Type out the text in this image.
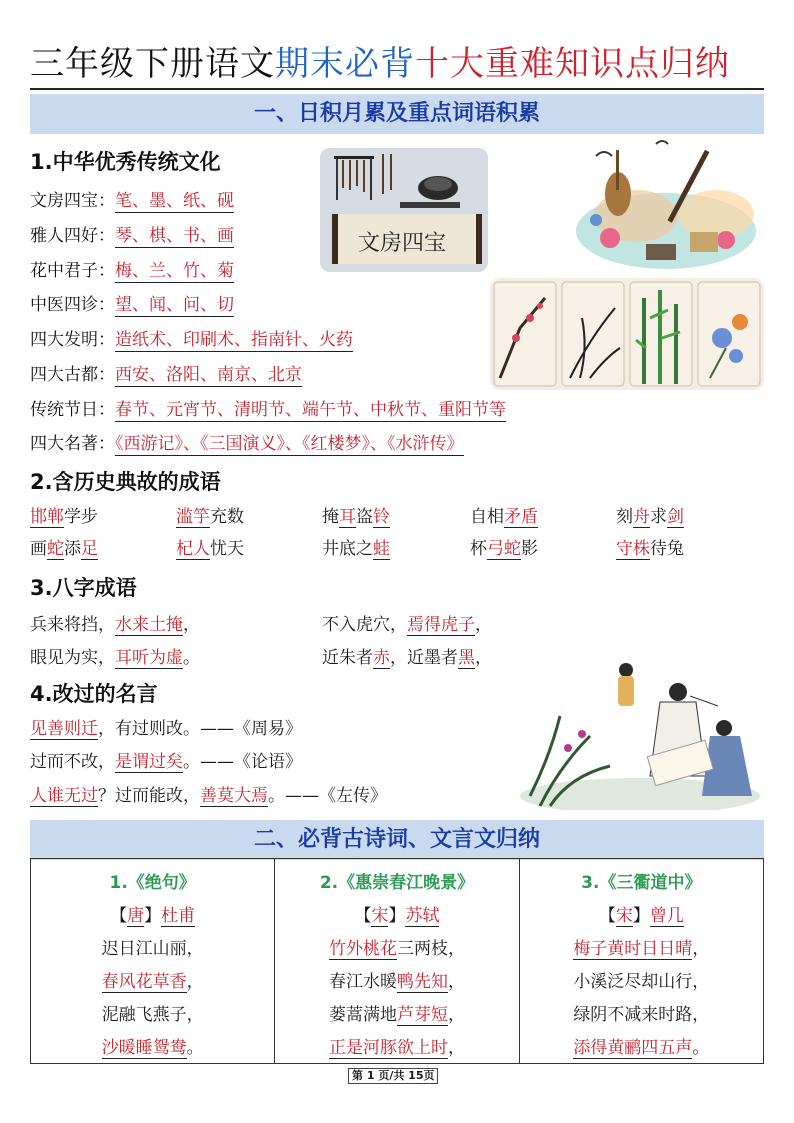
三年级下册语文期末必背十大重难知识点归纳
一、日积月累及重点词语积累
1.中华优秀传统文化
文房四宝：笔、墨、纸、砚
雅人四好：琴、棋、书、画
花中君子：梅、兰、竹、菊
中医四诊：望、闻、问、切
四大发明：造纸术、印刷术、指南针、火药
四大古都：西安、洛阳、南京、北京
传统节日：春节、元宵节、清明节、端午节、中秋节、重阳节等
四大名著：《西游记》、《三国演义》、《红楼梦》、《水浒传》
文房四宝
2.含历史典故的成语
邯郸学步	滥竽充数	掩耳盗铃	自相矛盾	刻舟求剑
画蛇添足	杞人忧天	井底之蛙	杯弓蛇影	守株待兔
3.八字成语
兵来将挡，水来土掩，	不入虎穴，焉得虎子，
眼见为实，耳听为虚。	近朱者赤，近墨者黑，
4.改过的名言
见善则迁，有过则改。——《周易》
过而不改，是谓过矣。——《论语》
人谁无过？过而能改，善莫大焉。——《左传》
二、必背古诗词、文言文归纳
1.《绝句》
【唐】杜甫
迟日江山丽，
春风花草香，
泥融飞燕子，
沙暖睡鸳鸯。
2.《惠崇春江晚景》
【宋】苏轼
竹外桃花三两枝，
春江水暖鸭先知，
蒌蒿满地芦芽短，
正是河豚欲上时，
3.《三衢道中》
【宋】曾几
梅子黄时日日晴，
小溪泛尽却山行，
绿阴不减来时路，
添得黄鹂四五声。
第 1 页/共 15页
